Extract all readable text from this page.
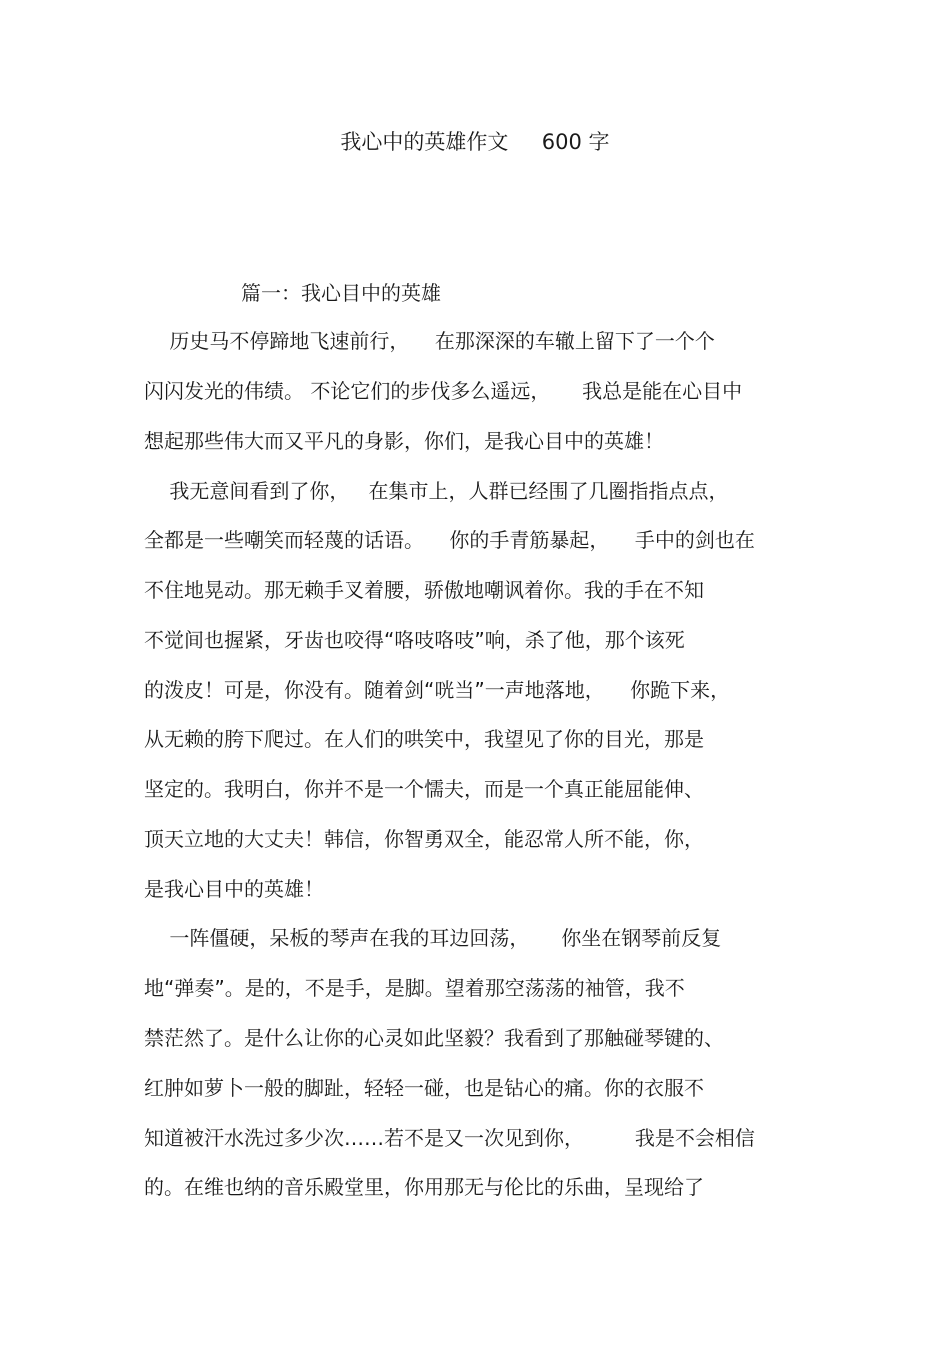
我心中的英雄作文     600 字
篇一：我心目中的英雄
历史马不停蹄地飞速前行，    在那深深的车辙上留下了一个个
闪闪发光的伟绩。 不论它们的步伐多么遥远，     我总是能在心目中
想起那些伟大而又平凡的身影，你们，是我心目中的英雄！
我无意间看到了你，   在集市上，人群已经围了几圈指指点点，
全都是一些嘲笑而轻蔑的话语。    你的手青筋暴起，    手中的剑也在
不住地晃动。那无赖手叉着腰，骄傲地嘲讽着你。我的手在不知
不觉间也握紧，牙齿也咬得“咯吱咯吱”响，杀了他，那个该死
的泼皮！可是，你没有。随着剑“咣当”一声地落地，    你跪下来，
从无赖的胯下爬过。在人们的哄笑中，我望见了你的目光，那是
坚定的。我明白，你并不是一个懦夫，而是一个真正能屈能伸、
顶天立地的大丈夫！韩信，你智勇双全，能忍常人所不能，你，
是我心目中的英雄！
一阵僵硬，呆板的琴声在我的耳边回荡，     你坐在钢琴前反复
地“弹奏”。是的，不是手，是脚。望着那空荡荡的袖管，我不
禁茫然了。是什么让你的心灵如此坚毅？我看到了那触碰琴键的、
红肿如萝卜一般的脚趾，轻轻一碰，也是钻心的痛。你的衣服不
知道被汗水洗过多少次……若不是又一次见到你，        我是不会相信
的。在维也纳的音乐殿堂里，你用那无与伦比的乐曲，呈现给了
